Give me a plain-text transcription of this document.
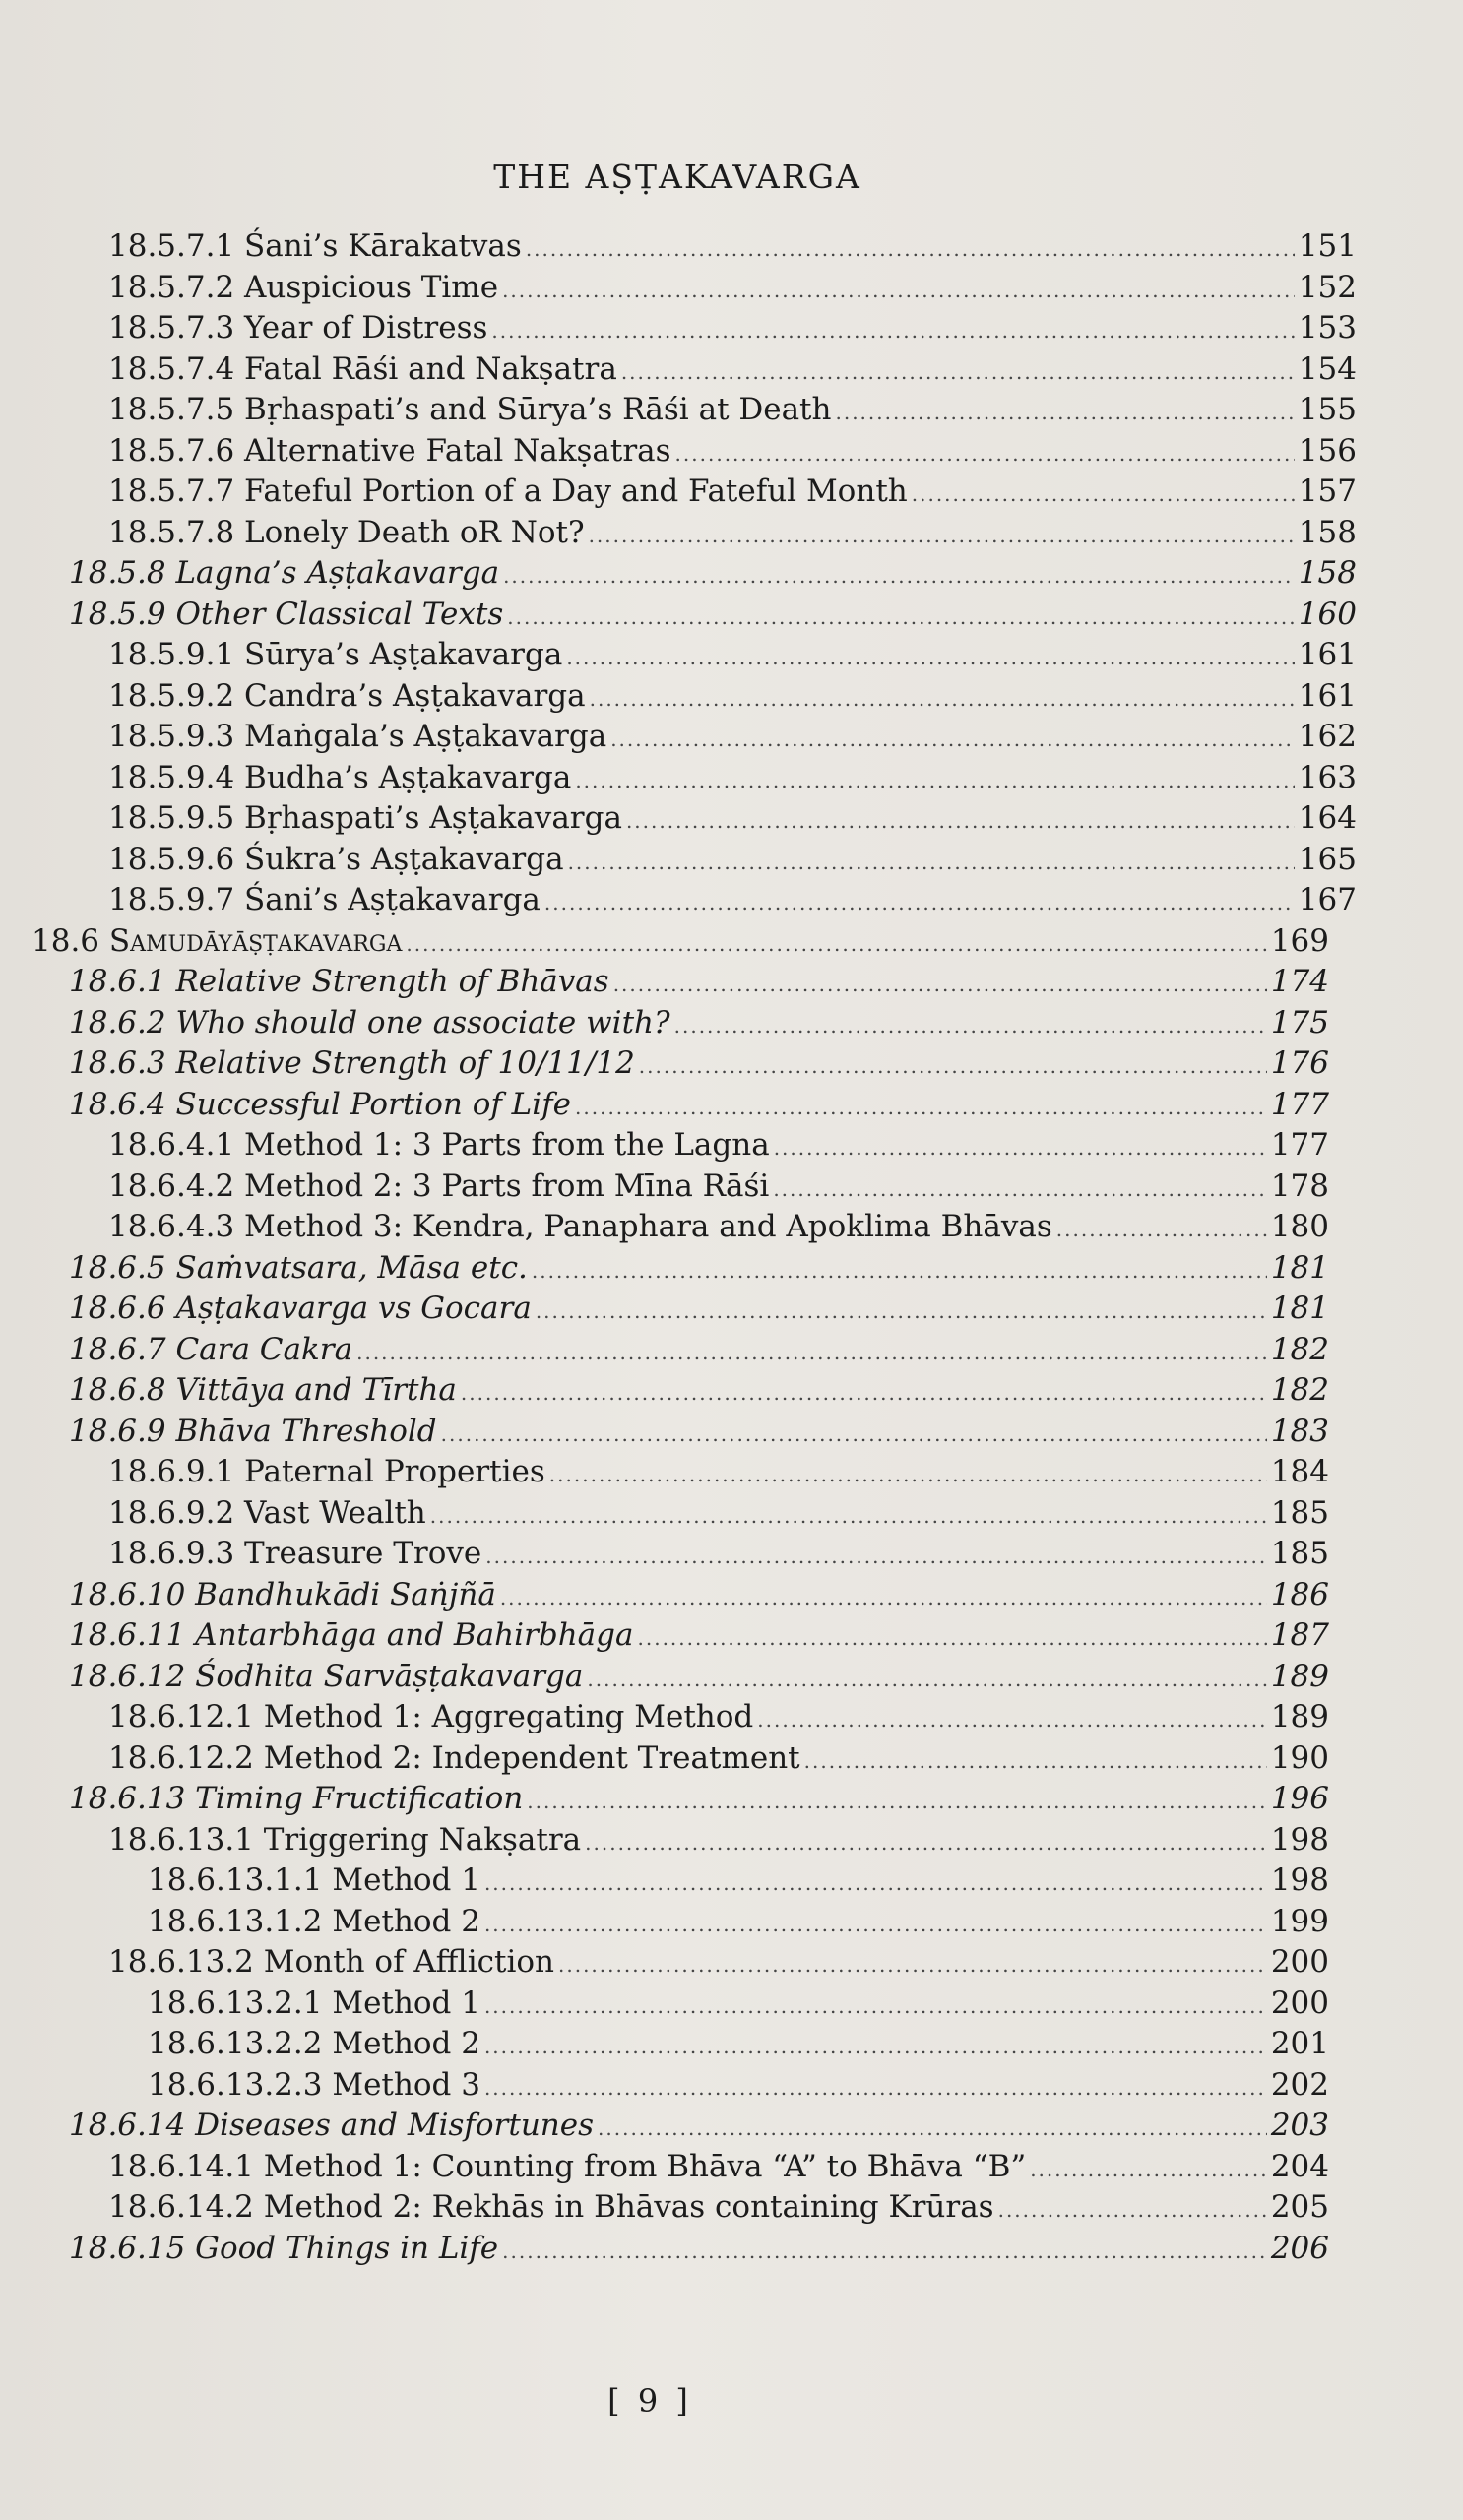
THE AṢṬAKAVARGA
18.5.7.1 Śani’s Kārakatvas .....	151
18.5.7.2 Auspicious Time .....	152
18.5.7.3 Year of Distress .....	153
18.5.7.4 Fatal Rāśi and Nakṣatra .....	154
18.5.7.5 Bṛhaspati’s and Sūrya’s Rāśi at Death .....	155
18.5.7.6 Alternative Fatal Nakṣatras .....	156
18.5.7.7 Fateful Portion of a Day and Fateful Month .....	157
18.5.7.8 Lonely Death oR Not? .....	158
18.5.8 Lagna’s Aṣṭakavarga .....	158
18.5.9 Other Classical Texts .....	160
18.5.9.1 Sūrya’s Aṣṭakavarga .....	161
18.5.9.2 Candra’s Aṣṭakavarga .....	161
18.5.9.3 Maṅgala’s Aṣṭakavarga .....	162
18.5.9.4 Budha’s Aṣṭakavarga .....	163
18.5.9.5 Bṛhaspati’s Aṣṭakavarga .....	164
18.5.9.6 Śukra’s Aṣṭakavarga .....	165
18.5.9.7 Śani’s Aṣṭakavarga .....	167
18.6 Samudāyāṣṭakavarga .....	169
18.6.1 Relative Strength of Bhāvas .....	174
18.6.2 Who should one associate with? .....	175
18.6.3 Relative Strength of 10/11/12 .....	176
18.6.4 Successful Portion of Life .....	177
18.6.4.1 Method 1: 3 Parts from the Lagna .....	177
18.6.4.2 Method 2: 3 Parts from Mīna Rāśi .....	178
18.6.4.3 Method 3: Kendra, Panaphara and Apoklima Bhāvas .....	180
18.6.5 Saṁvatsara, Māsa etc. .....	181
18.6.6 Aṣṭakavarga vs Gocara .....	181
18.6.7 Cara Cakra .....	182
18.6.8 Vittāya and Tīrtha .....	182
18.6.9 Bhāva Threshold .....	183
18.6.9.1 Paternal Properties .....	184
18.6.9.2 Vast Wealth .....	185
18.6.9.3 Treasure Trove .....	185
18.6.10 Bandhukādi Saṅjñā .....	186
18.6.11 Antarbhāga and Bahirbhāga .....	187
18.6.12 Śodhita Sarvāṣṭakavarga .....	189
18.6.12.1 Method 1: Aggregating Method .....	189
18.6.12.2 Method 2: Independent Treatment .....	190
18.6.13 Timing Fructification .....	196
18.6.13.1 Triggering Nakṣatra .....	198
18.6.13.1.1 Method 1 .....	198
18.6.13.1.2 Method 2 .....	199
18.6.13.2 Month of Affliction .....	200
18.6.13.2.1 Method 1 .....	200
18.6.13.2.2 Method 2 .....	201
18.6.13.2.3 Method 3 .....	202
18.6.14 Diseases and Misfortunes .....	203
18.6.14.1 Method 1: Counting from Bhāva “A” to Bhāva “B” .....	204
18.6.14.2 Method 2: Rekhās in Bhāvas containing Krūras .....	205
18.6.15 Good Things in Life .....	206
[ 9 ]
